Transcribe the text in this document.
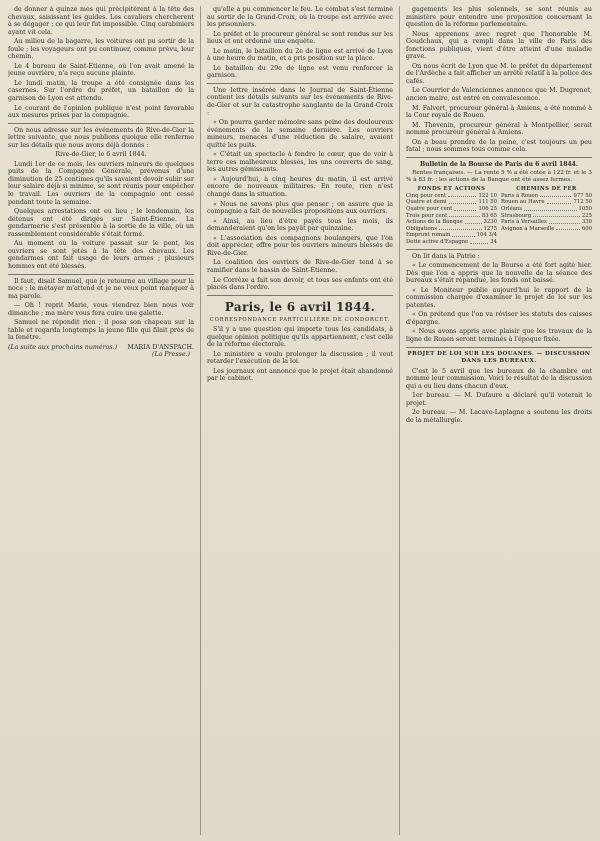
de donner à quinze mes qui précipitèrent à la tête des chevaux, saisissant les guides. Les cavaliers chercherent à se dégager ; ce qui leur fut impossible. Cinq carabiniers ayant vit cela.

Au milieu de la bagarre, les voitures ont pu sortir de la foule ; les voyageurs ont pu continuer, comme prévu, leur chemin.

Le 4 bureau de Saint-Étienne, où l'on avait amené la jeune ouvrière, n'a reçu aucune plainte.

Le lundi matin, la troupe a été consignée dans les casernes. Sur l'ordre du préfet, un bataillon de la garnison de Lyon est attendu.

Le courant de l'opinion publique n'est point favorable aux mesures prises par la compagnie.

On nous adresse sur les événements de Rive-de-Gier la lettre suivante, que nous publions quoique elle renferme sur les détails que nous avons déjà donnés :

Rive-de-Gier, le 6 avril 1844.

Lundi 1er de ce mois, les ouvriers mineurs de quelques puits de la Compagnie Générale, prévenus d'une diminution de 25 centimes qu'ils savaient devoir subir sur leur salaire déjà si minime, se sont réunis pour empêcher le travail. Les ouvriers de la compagnie ont cessé pendant toute la semaine.

Quelques arrestations ont eu lieu ; le lendemain, les détenus ont été dirigés sur Saint-Étienne. La gendarmerie s'est présentée à la sortie de la ville, où un rassemblement considérable s'était formé.

Au moment où la voiture passait sur le pont, les ouvriers se sont jetés à la tête des chevaux. Les gendarmes ont fait usage de leurs armes ; plusieurs hommes ont été blessés.

Il faut, disait Samuel, que je retourne au village pour la noce ; le métayer m'attend et je ne veux point manquer à ma parole.

— Oh ! reprit Marie, vous viendrez bien nous voir dimanche ; ma mère vous fera cuire une galette.

Samuel ne répondit rien ; il posa son chapeau sur la table et regarda longtemps la jeune fille qui filait près de la fenêtre.

(La suite aux prochains numéros.) MARIA D'ANSPACH.
(La Presse.)

qu'elle a pu commencer le feu. Le combat s'est terminé au sortir de la Grand-Croix, où la troupe est arrivée avec les prisonniers.

Le préfet et le procureur général se sont rendus sur les lieux et ont ordonné une enquête.

Le matin, le bataillon du 2e de ligne est arrivé de Lyon à une heure du matin, et a pris position sur la place.

Le bataillon du 29e de ligne est venu renforcer la garnison.

Une lettre insérée dans le Journal de Saint-Étienne contient les détails suivants sur les événements de Rive-de-Gier et sur la catastrophe sanglante de la Grand-Croix :

« On pourra garder mémoire sans peine des douloureux événements de la semaine dernière. Les ouvriers mineurs, menacés d'une réduction de salaire, avaient quitté les puits.

« C'était un spectacle à fendre le cœur, que de voir à terre ces malheureux blessés, les uns couverts de sang, les autres gémissants.

« Aujourd'hui, à cinq heures du matin, il est arrivé encore de nouveaux militaires. En route, rien n'est changé dans la situation.

« Nous ne savons plus que penser ; on assure que la compagnie a fait de nouvelles propositions aux ouvriers.

« Ainsi, au lieu d'être payés tous les mois, ils demanderaient qu'on les payât par quinzaine.

« L'association des compagnons boulangers, que l'on doit apprécier, offre pour les ouvriers mineurs blessés de Rive-de-Gier.

La coalition des ouvriers de Rive-de-Gier tend à se ramifier dans le bassin de Saint-Étienne.

Le Corrèze a fait son devoir, et tous ses enfants ont été placés dans l'ordre.

Paris, le 6 avril 1844.
CORRESPONDANCE PARTICULIÈRE DE CONDORCET.

S'il y a une question qui importe tous les candidats, à quelque opinion politique qu'ils appartiennent, c'est celle de la réforme électorale.

Le ministère a voulu prolonger la discussion ; il veut retarder l'exécution de la loi.

Les journaux ont annoncé que le projet était abandonné par le cabinet.

gagements les plus solennels, se sont réunis au ministère pour entendre une proposition concernant la question de la réforme parlementaire.

Nous apprenons avec regret que l'honorable M. Goudchaux, qui a rempli dans la ville de Paris des fonctions publiques, vient d'être atteint d'une maladie grave.

On nous écrit de Lyon que M. le préfet du département de l'Ardèche a fait afficher un arrêté relatif à la police des cafés.

Le Courrier de Valenciennes annonce que M. Dugrenet, ancien maire, est entré en convalescence.

M. Falvert, procureur général à Amiens, a été nommé à la Cour royale de Rouen.

M. Thevenin, procureur général à Montpellier, serait nommé procureur général à Amiens.

On a beau prendre de la peine, c'est toujours un peu fatal ; nous sommes tous comme cela.

Bulletin de la Bourse de Paris du 6 avril 1844.

Rentes françaises. — La rente 5 % a été cotée à 122 fr. et le 3 % à 83 fr. ; les actions de la Banque ont été assez fermes.

FONDS ET ACTIONS
Cinq pour cent	122 10
Quatre et demi	111 50
Quatre pour cent	106 25
Trois pour cent	83 65
Actions de la Banque	3230
Obligations	1275
Emprunt romain	104 3/4
Dette active d'Espagne	34
CHEMINS DE FER
Paris à Rouen	977 50
Rouen au Havre	712 50
Orléans	1050
Strasbourg	225
Paris à Versailles	330
Avignon à Marseille	600

On lit dans la Patrie :

« Le commencement de la Bourse a été fort agité hier. Dès que l'on a appris que la nouvelle de la séance des bureaux s'était répandue, les fonds ont baissé.

« Le Moniteur publie aujourd'hui le rapport de la commission chargée d'examiner le projet de loi sur les patentes.

« On prétend que l'on va réviser les statuts des caisses d'épargne.

« Nous avons appris avec plaisir que les travaux de la ligne de Rouen seront terminés à l'époque fixée.

PROJET DE LOI SUR LES DOUANES. — DISCUSSION DANS LES BUREAUX.

C'est le 5 avril que les bureaux de la chambre ont nommé leur commission. Voici le résultat de la discussion qui a eu lieu dans chacun d'eux.

1er bureau. — M. Dufaure a déclaré qu'il voterait le projet.

2e bureau. — M. Lacave-Laplagne a soutenu les droits de la métallurgie.
